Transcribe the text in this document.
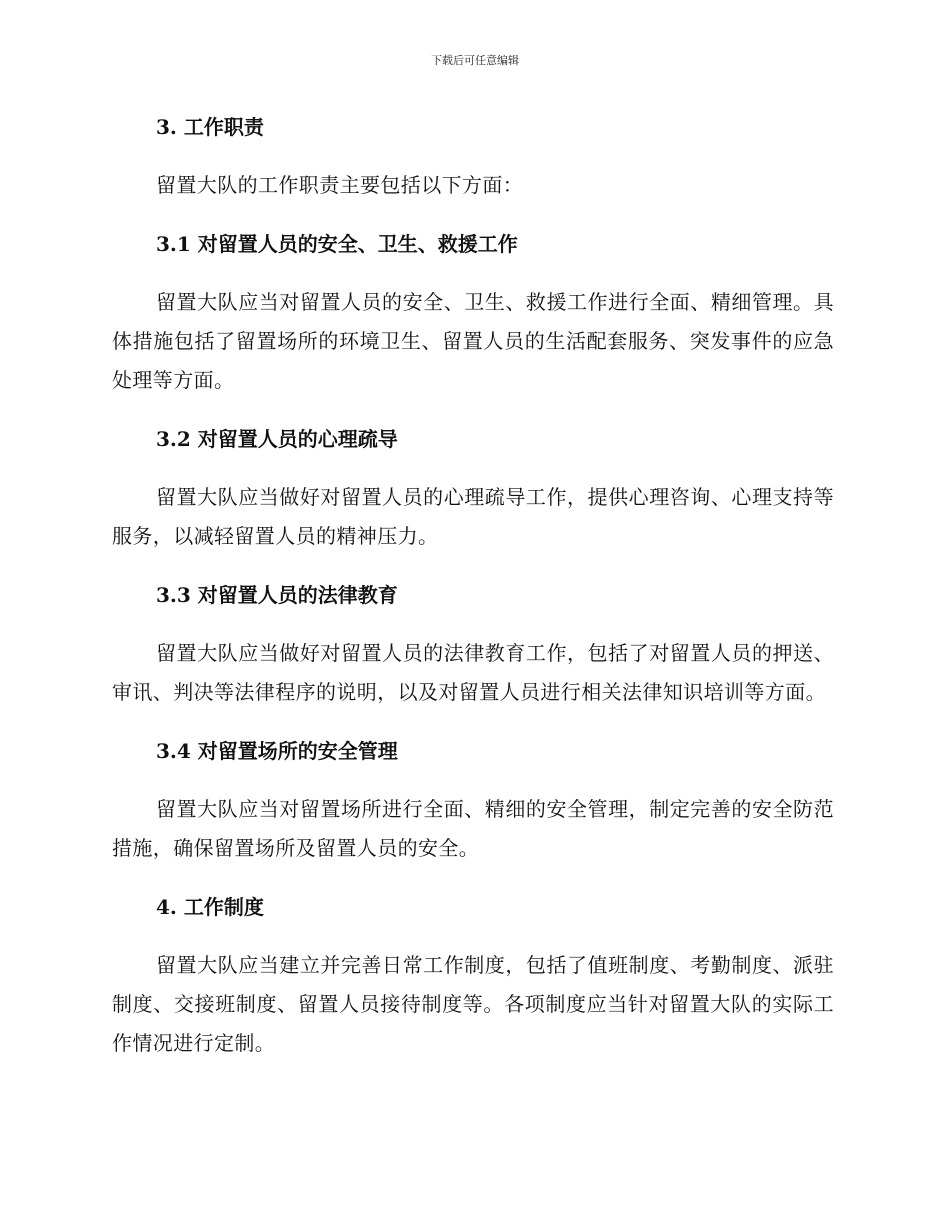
下载后可任意编辑
3. 工作职责
留置大队的工作职责主要包括以下方面：
3.1 对留置人员的安全、卫生、救援工作
留置大队应当对留置人员的安全、卫生、救援工作进行全面、精细管理。具体措施包括了留置场所的环境卫生、留置人员的生活配套服务、突发事件的应急处理等方面。
3.2 对留置人员的心理疏导
留置大队应当做好对留置人员的心理疏导工作，提供心理咨询、心理支持等服务，以减轻留置人员的精神压力。
3.3 对留置人员的法律教育
留置大队应当做好对留置人员的法律教育工作，包括了对留置人员的押送、审讯、判决等法律程序的说明，以及对留置人员进行相关法律知识培训等方面。
3.4 对留置场所的安全管理
留置大队应当对留置场所进行全面、精细的安全管理，制定完善的安全防范措施，确保留置场所及留置人员的安全。
4. 工作制度
留置大队应当建立并完善日常工作制度，包括了值班制度、考勤制度、派驻制度、交接班制度、留置人员接待制度等。各项制度应当针对留置大队的实际工作情况进行定制。
